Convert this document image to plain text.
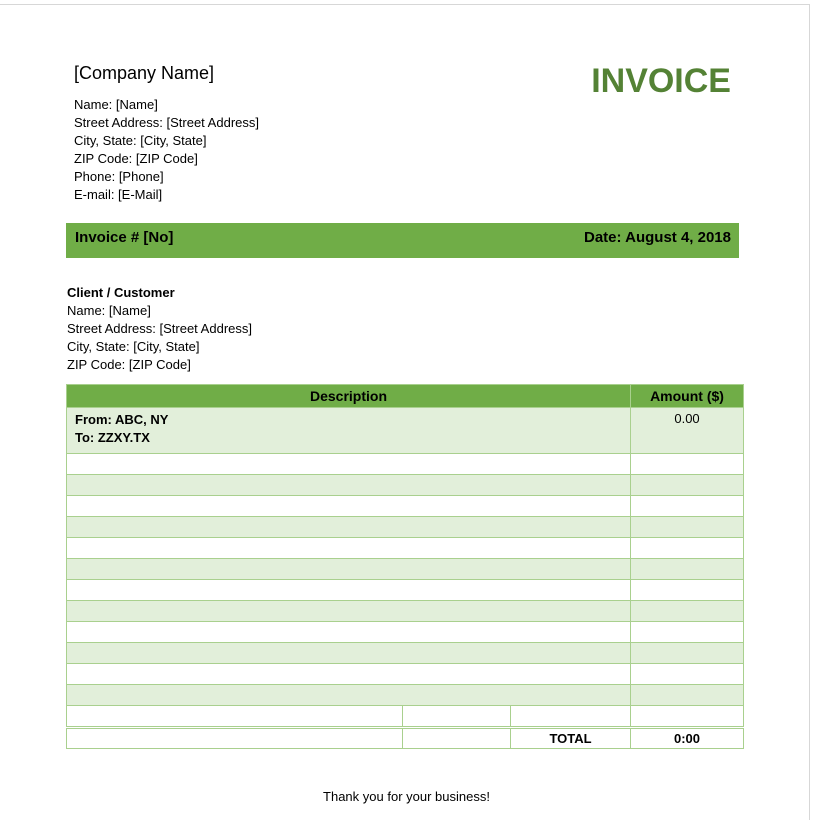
[Company Name]
Name: [Name]
Street Address: [Street Address]
City, State: [City, State]
ZIP Code: [ZIP Code]
Phone: [Phone]
E-mail: [E-Mail]
INVOICE
Invoice # [No]	Date: August 4, 2018
Client / Customer
Name: [Name]
Street Address: [Street Address]
City, State: [City, State]
ZIP Code: [ZIP Code]
Description			Amount ($)

From: ABC, NY
To: ZZXY.TX			0.00

		TOTAL	0:00
Thank you for your business!
